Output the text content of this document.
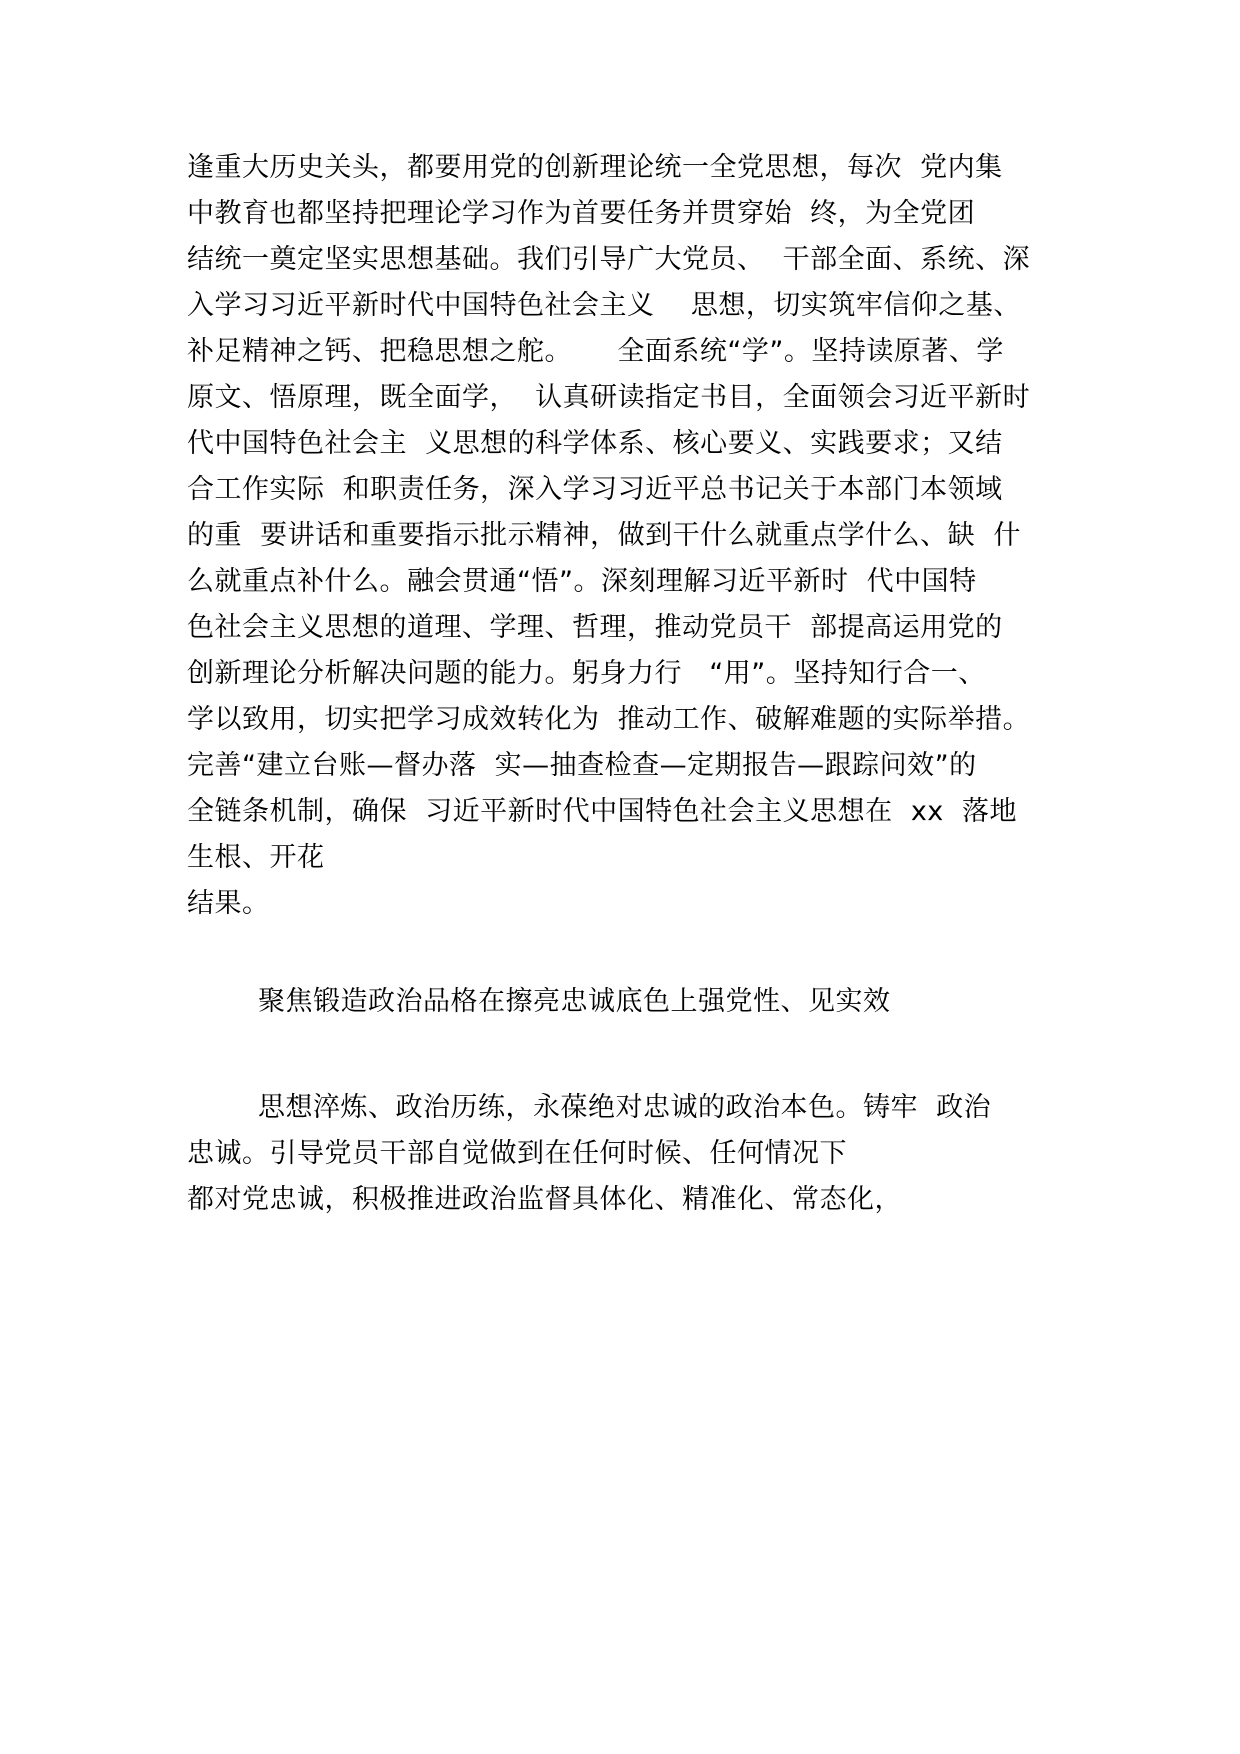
逢重大历史关头，都要用党的创新理论统一全党思想，每次  党内集
中教育也都坚持把理论学习作为首要任务并贯穿始  终，为全党团
结统一奠定坚实思想基础。我们引导广大党员、  干部全面、系统、深
入学习习近平新时代中国特色社会主义    思想，切实筑牢信仰之基、
补足精神之钙、把稳思想之舵。     全面系统“学”。坚持读原著、学
原文、悟原理，既全面学，  认真研读指定书目，全面领会习近平新时
代中国特色社会主  义思想的科学体系、核心要义、实践要求；又结
合工作实际  和职责任务，深入学习习近平总书记关于本部门本领域
的重  要讲话和重要指示批示精神，做到干什么就重点学什么、缺  什
么就重点补什么。融会贯通“悟”。深刻理解习近平新时  代中国特
色社会主义思想的道理、学理、哲理，推动党员干  部提高运用党的
创新理论分析解决问题的能力。躬身力行   “用”。坚持知行合一、
学以致用，切实把学习成效转化为  推动工作、破解难题的实际举措。
完善“建立台账—督办落  实—抽查检查—定期报告—跟踪问效”的
全链条机制，确保  习近平新时代中国特色社会主义思想在  xx  落地
生根、开花
结果。
聚焦锻造政治品格在擦亮忠诚底色上强党性、见实效
思想淬炼、政治历练，永葆绝对忠诚的政治本色。铸牢  政治
忠诚。引导党员干部自觉做到在任何时候、任何情况下
都对党忠诚，积极推进政治监督具体化、精准化、常态化，
